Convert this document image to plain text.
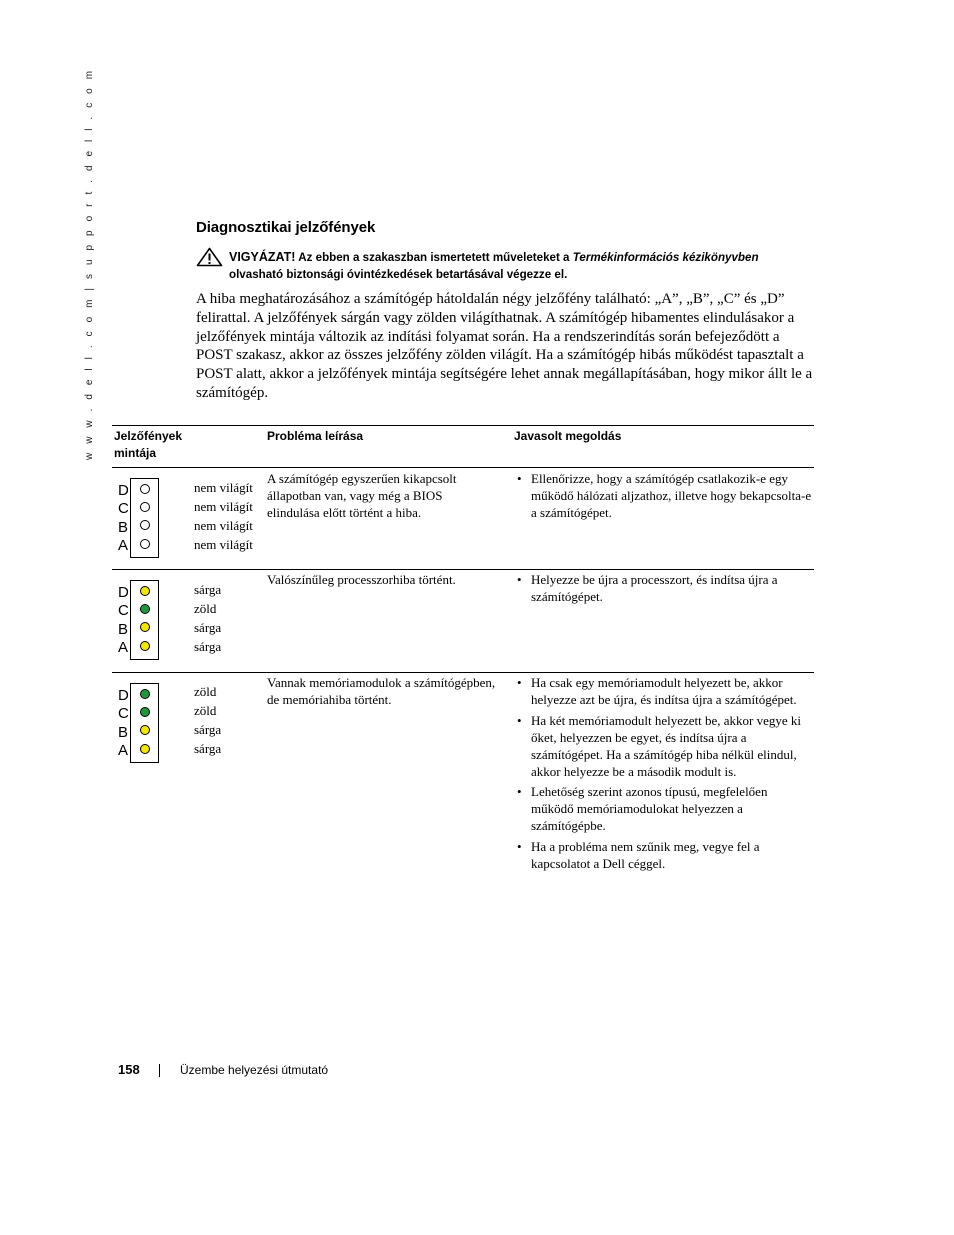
w w w . d e l l . c o m | s u p p o r t . d e l l . c o m	Diagnosztikai jelzőfények
VIGYÁZAT! Az ebben a szakaszban ismertetett műveleteket a Termékinformációs kézikönyvben
olvasható biztonsági óvintézkedések betartásával végezze el.
A hiba meghatározásához a számítógép hátoldalán négy jelzőfény található: „A”, „B”, „C” és „D” felirattal. A jelzőfények sárgán vagy zölden világíthatnak. A számítógép hibamentes elindulásakor a jelzőfények mintája változik az indítási folyamat során. Ha a rendszerindítás során befejeződött a POST szakasz, akkor az összes jelzőfény zölden világít. Ha a számítógép hibás működést tapasztalt a POST alatt, akkor a jelzőfények mintája segítségére lehet annak megállapításában, hogy mikor állt le a számítógép.
Jelzőfények mintája
Probléma leírása	Javasolt megoldás
D
C
B
A
nem világít
nem világít
nem világít
nem világít
A számítógép egyszerűen kikapcsolt állapotban van, vagy még a BIOS elindulása előtt történt a hiba.
• Ellenőrizze, hogy a számítógép csatlakozik-e egy működő hálózati aljzathoz, illetve hogy bekapcsolta-e a számítógépet.
D
C
B
A
sárga
zöld
sárga
sárga
Valószínűleg processzorhiba történt.
•	Helyezze be újra a processzort, és indítsa újra a számítógépet.
D
C
B
A
zöld
zöld
sárga
sárga
Vannak memóriamodulok a számítógépben, de memóriahiba történt.
• Ha csak egy memóriamodult helyezett be, akkor helyezze azt be újra, és indítsa újra a számítógépet.
• Ha két memóriamodult helyezett be, akkor vegye ki őket, helyezzen be egyet, és indítsa újra a számítógépet. Ha a számítógép hiba nélkül elindul, akkor helyezze be a második modult is.
• Lehetőség szerint azonos típusú, megfelelően működő memóriamodulokat helyezzen a számítógépbe.
• Ha a probléma nem szűnik meg, vegye fel a kapcsolatot a Dell céggel.
158	Üzembe helyezési útmutató
